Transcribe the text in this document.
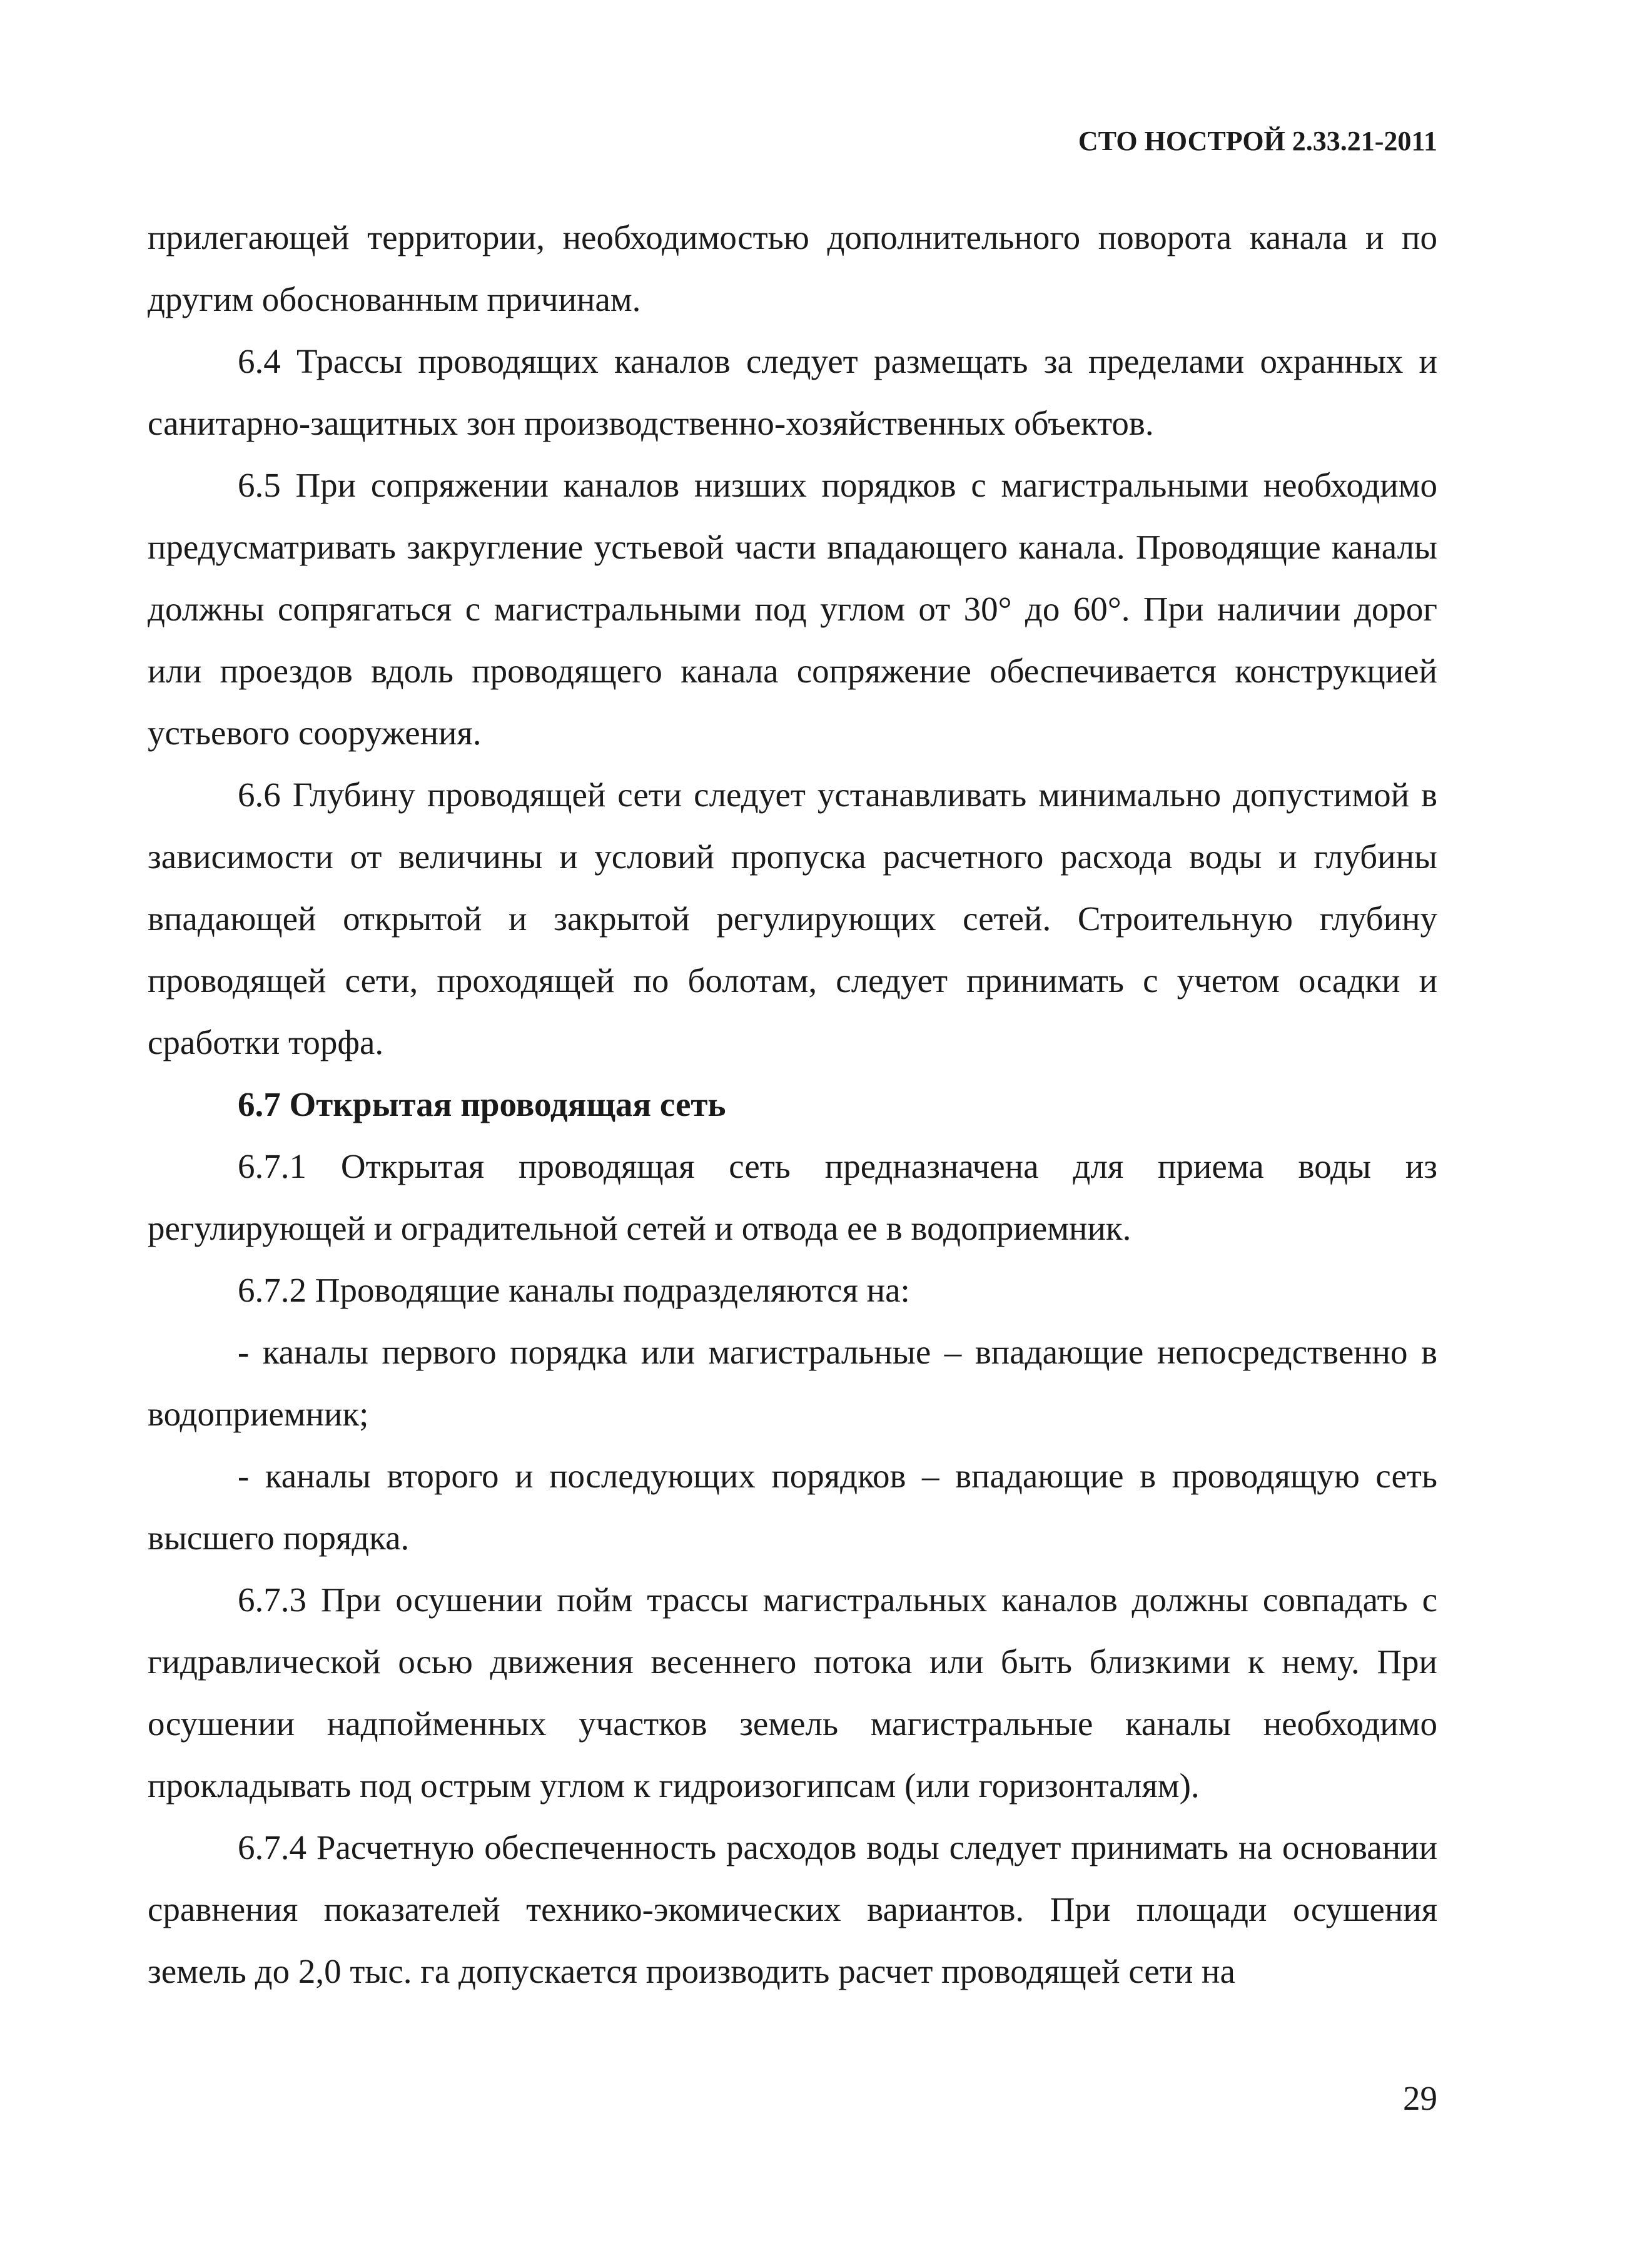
СТО НОСТРОЙ 2.33.21-2011

прилегающей территории, необходимостью дополнительного поворота канала и по другим обоснованным причинам.

6.4 Трассы проводящих каналов следует размещать за пределами охранных и санитарно-защитных зон производственно-хозяйственных объектов.

6.5 При сопряжении каналов низших порядков с магистральными необходимо предусматривать закругление устьевой части впадающего канала. Проводящие каналы должны сопрягаться с магистральными под углом от 30° до 60°. При наличии дорог или проездов вдоль проводящего канала сопряжение обеспечивается конструкцией устьевого сооружения.

6.6 Глубину проводящей сети следует устанавливать минимально допустимой в зависимости от величины и условий пропуска расчетного расхода воды и глубины впадающей открытой и закрытой регулирующих сетей. Строительную глубину проводящей сети, проходящей по болотам, следует принимать с учетом осадки и сработки торфа.

6.7 Открытая проводящая сеть

6.7.1 Открытая проводящая сеть предназначена для приема воды из регулирующей и оградительной сетей и отвода ее в водоприемник.

6.7.2 Проводящие каналы подразделяются на:

- каналы первого порядка или магистральные – впадающие непосредственно в водоприемник;

- каналы второго и последующих порядков – впадающие в проводящую сеть высшего порядка.

6.7.3 При осушении пойм трассы магистральных каналов должны совпадать с гидравлической осью движения весеннего потока или быть близкими к нему. При осушении надпойменных участков земель магистральные каналы необходимо прокладывать под острым углом к гидроизогипсам (или горизонталям).

6.7.4 Расчетную обеспеченность расходов воды следует принимать на основании сравнения показателей технико-экомических вариантов. При площади осушения земель до 2,0 тыс. га допускается производить расчет проводящей сети на

29
